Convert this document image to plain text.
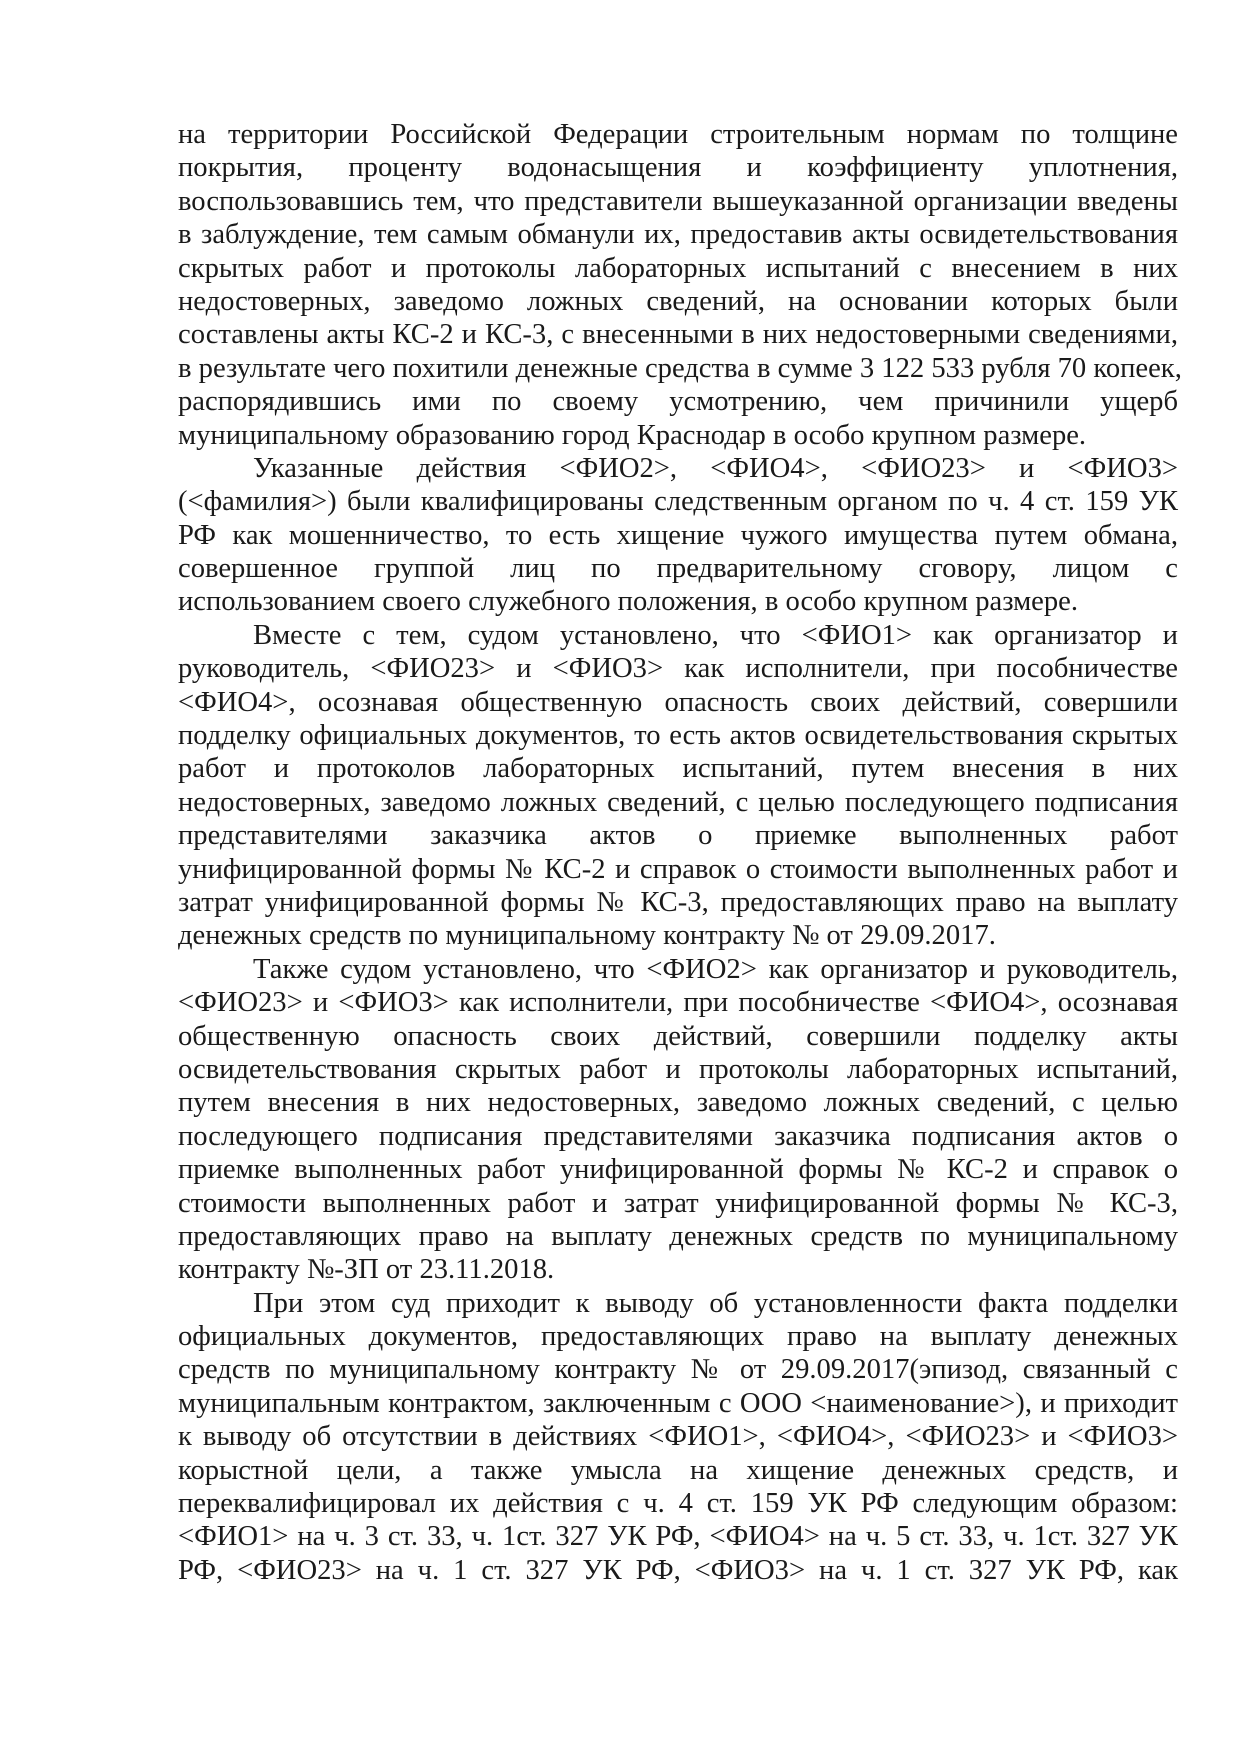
на территории Российской Федерации строительным нормам по толщине
покрытия, проценту водонасыщения и коэффициенту уплотнения,
воспользовавшись тем, что представители вышеуказанной организации введены
в заблуждение, тем самым обманули их, предоставив акты освидетельствования
скрытых работ и протоколы лабораторных испытаний с внесением в них
недостоверных, заведомо ложных сведений, на основании которых были
составлены акты КС-2 и КС-3, с внесенными в них недостоверными сведениями,
в результате чего похитили денежные средства в сумме 3 122 533 рубля 70 копеек,
распорядившись ими по своему усмотрению, чем причинили ущерб
муниципальному образованию город Краснодар в особо крупном размере.
Указанные действия <ФИО2>, <ФИО4>, <ФИО23> и <ФИО3>
(<фамилия>) были квалифицированы следственным органом по ч. 4 ст. 159 УК
РФ как мошенничество, то есть хищение чужого имущества путем обмана,
совершенное группой лиц по предварительному сговору, лицом с
использованием своего служебного положения, в особо крупном размере.
Вместе с тем, судом установлено, что <ФИО1> как организатор и
руководитель, <ФИО23> и <ФИО3> как исполнители, при пособничестве
<ФИО4>, осознавая общественную опасность своих действий, совершили
подделку официальных документов, то есть актов освидетельствования скрытых
работ и протоколов лабораторных испытаний, путем внесения в них
недостоверных, заведомо ложных сведений, с целью последующего подписания
представителями заказчика актов о приемке выполненных работ
унифицированной формы № КС-2 и справок о стоимости выполненных работ и
затрат унифицированной формы № КС-3, предоставляющих право на выплату
денежных средств по муниципальному контракту № от 29.09.2017.
Также судом установлено, что <ФИО2> как организатор и руководитель,
<ФИО23> и <ФИО3> как исполнители, при пособничестве <ФИО4>, осознавая
общественную опасность своих действий, совершили подделку акты
освидетельствования скрытых работ и протоколы лабораторных испытаний,
путем внесения в них недостоверных, заведомо ложных сведений, с целью
последующего подписания представителями заказчика подписания актов о
приемке выполненных работ унифицированной формы № КС-2 и справок о
стоимости выполненных работ и затрат унифицированной формы № КС-3,
предоставляющих право на выплату денежных средств по муниципальному
контракту №-ЗП от 23.11.2018.
При этом суд приходит к выводу об установленности факта подделки
официальных документов, предоставляющих право на выплату денежных
средств по муниципальному контракту № от 29.09.2017(эпизод, связанный с
муниципальным контрактом, заключенным с ООО <наименование>), и приходит
к выводу об отсутствии в действиях <ФИО1>, <ФИО4>, <ФИО23> и <ФИО3>
корыстной цели, а также умысла на хищение денежных средств, и
переквалифицировал их действия с ч. 4 ст. 159 УК РФ следующим образом:
<ФИО1> на ч. 3 ст. 33, ч. 1ст. 327 УК РФ, <ФИО4> на ч. 5 ст. 33, ч. 1ст. 327 УК
РФ, <ФИО23> на ч. 1 ст. 327 УК РФ, <ФИО3> на ч. 1 ст. 327 УК РФ, как
